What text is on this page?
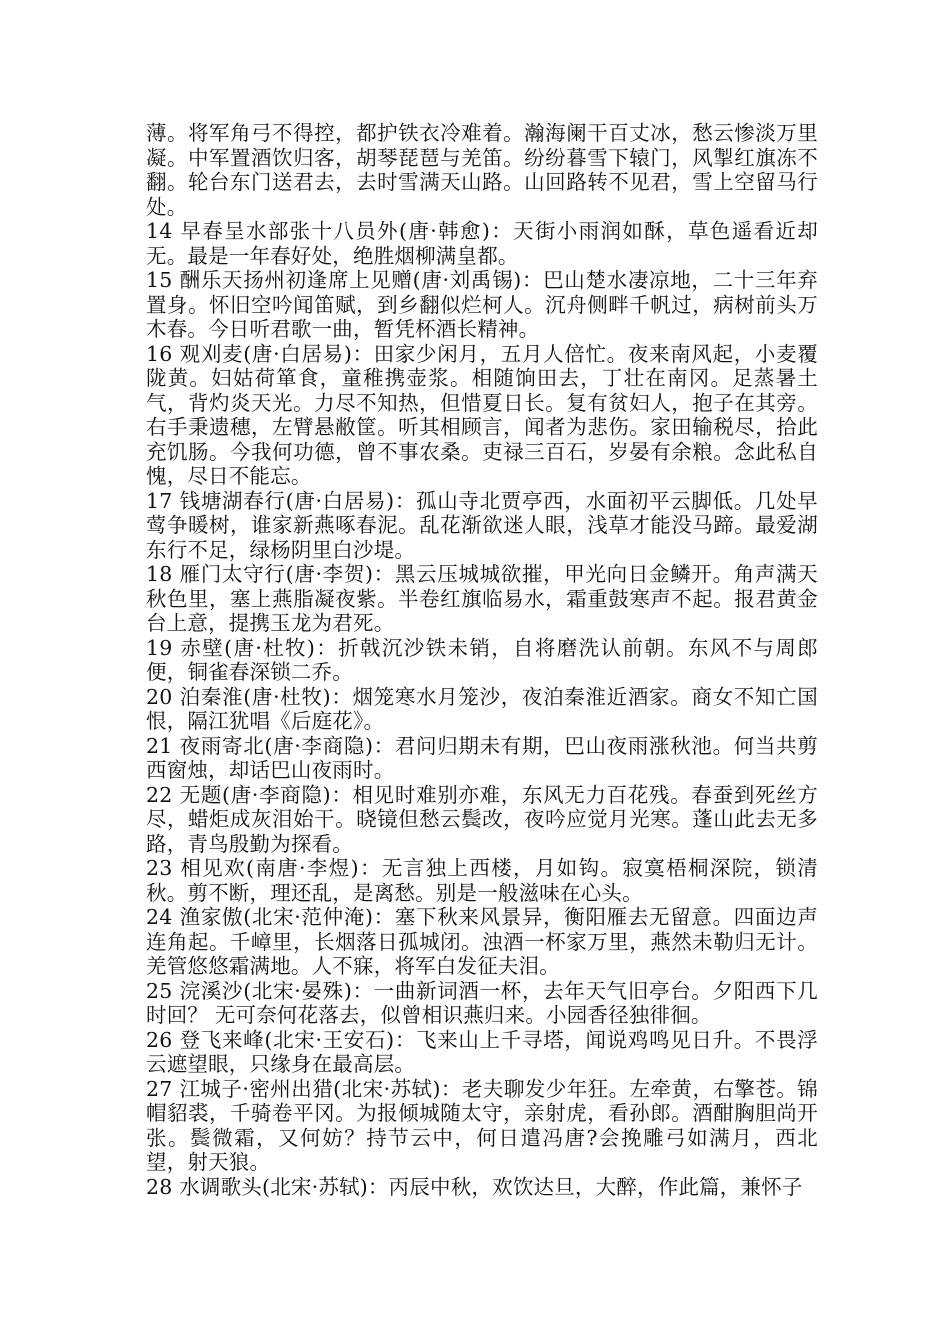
薄。将军角弓不得控，都护铁衣冷难着。瀚海阑干百丈冰，愁云惨淡万里凝。中军置酒饮归客，胡琴琵琶与羌笛。纷纷暮雪下辕门，风掣红旗冻不翻。轮台东门送君去，去时雪满天山路。山回路转不见君，雪上空留马行处。

14 早春呈水部张十八员外(唐·韩愈)：天街小雨润如酥，草色遥看近却无。最是一年春好处，绝胜烟柳满皇都。

15 酬乐天扬州初逢席上见赠(唐·刘禹锡)：巴山楚水凄凉地，二十三年弃置身。怀旧空吟闻笛赋，到乡翻似烂柯人。沉舟侧畔千帆过，病树前头万木春。今日听君歌一曲，暂凭杯酒长精神。

16 观刈麦(唐·白居易)：田家少闲月，五月人倍忙。夜来南风起，小麦覆陇黄。妇姑荷箪食，童稚携壶浆。相随饷田去，丁壮在南冈。足蒸暑土气，背灼炎天光。力尽不知热，但惜夏日长。复有贫妇人，抱子在其旁。右手秉遗穗，左臂悬敝筐。听其相顾言，闻者为悲伤。家田输税尽，拾此充饥肠。今我何功德，曾不事农桑。吏禄三百石，岁晏有余粮。念此私自愧，尽日不能忘。

17 钱塘湖春行(唐·白居易)：孤山寺北贾亭西，水面初平云脚低。几处早莺争暖树，谁家新燕啄春泥。乱花渐欲迷人眼，浅草才能没马蹄。最爱湖东行不足，绿杨阴里白沙堤。

18 雁门太守行(唐·李贺)：黑云压城城欲摧，甲光向日金鳞开。角声满天秋色里，塞上燕脂凝夜紫。半卷红旗临易水，霜重鼓寒声不起。报君黄金台上意，提携玉龙为君死。

19 赤壁(唐·杜牧)：折戟沉沙铁未销，自将磨洗认前朝。东风不与周郎便，铜雀春深锁二乔。

20 泊秦淮(唐·杜牧)：烟笼寒水月笼沙，夜泊秦淮近酒家。商女不知亡国恨，隔江犹唱《后庭花》。

21 夜雨寄北(唐·李商隐)：君问归期未有期，巴山夜雨涨秋池。何当共剪西窗烛，却话巴山夜雨时。

22 无题(唐·李商隐)：相见时难别亦难，东风无力百花残。春蚕到死丝方尽，蜡炬成灰泪始干。晓镜但愁云鬓改，夜吟应觉月光寒。蓬山此去无多路，青鸟殷勤为探看。

23 相见欢(南唐·李煜)：无言独上西楼，月如钩。寂寞梧桐深院，锁清秋。剪不断，理还乱，是离愁。别是一般滋味在心头。

24 渔家傲(北宋·范仲淹)：塞下秋来风景异，衡阳雁去无留意。四面边声连角起。千嶂里，长烟落日孤城闭。浊酒一杯家万里，燕然未勒归无计。羌管悠悠霜满地。人不寐，将军白发征夫泪。

25 浣溪沙(北宋·晏殊)：一曲新词酒一杯，去年天气旧亭台。夕阳西下几时回？ 无可奈何花落去，似曾相识燕归来。小园香径独徘徊。

26 登飞来峰(北宋·王安石)：飞来山上千寻塔，闻说鸡鸣见日升。不畏浮云遮望眼，只缘身在最高层。

27 江城子·密州出猎(北宋·苏轼)：老夫聊发少年狂。左牵黄，右擎苍。锦帽貂裘，千骑卷平冈。为报倾城随太守，亲射虎，看孙郎。酒酣胸胆尚开张。鬓微霜，又何妨？持节云中，何日遣冯唐?会挽雕弓如满月，西北望，射天狼。

28 水调歌头(北宋·苏轼)：丙辰中秋，欢饮达旦，大醉，作此篇，兼怀子
